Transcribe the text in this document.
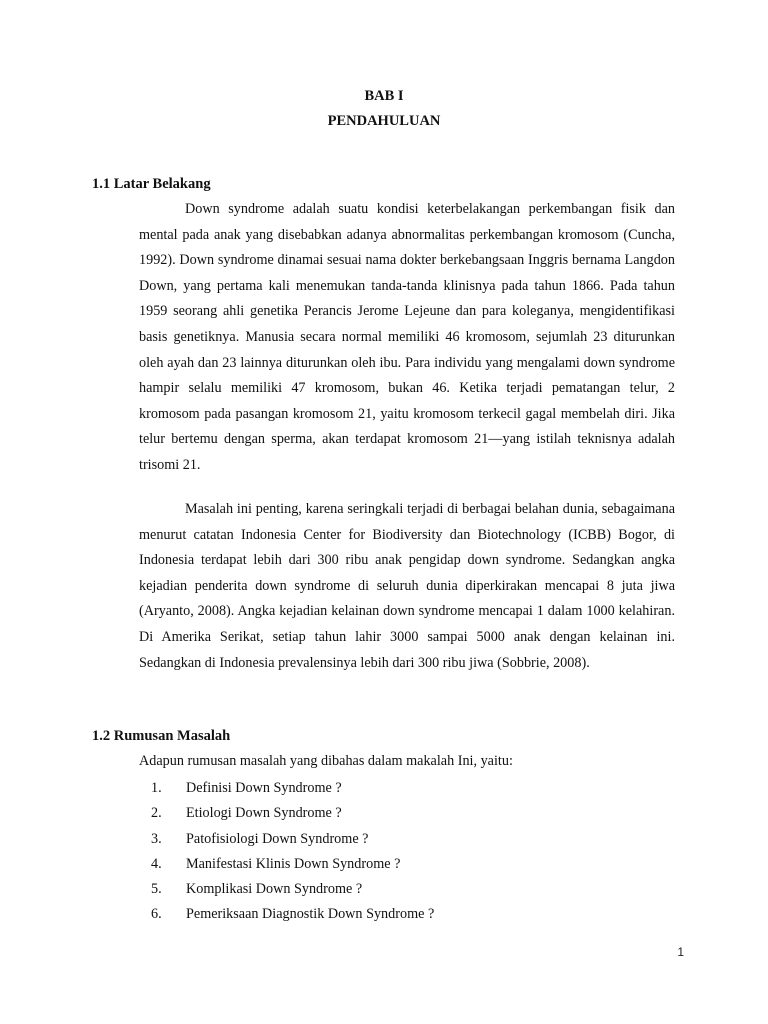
BAB I
PENDAHULUAN
1.1 Latar Belakang

Down syndrome adalah suatu kondisi keterbelakangan perkembangan fisik dan mental pada anak yang disebabkan adanya abnormalitas perkembangan kromosom (Cuncha, 1992). Down syndrome dinamai sesuai nama dokter berkebangsaan Inggris bernama Langdon Down, yang pertama kali menemukan tanda-tanda klinisnya pada tahun 1866. Pada tahun 1959 seorang ahli genetika Perancis Jerome Lejeune dan para koleganya, mengidentifikasi basis genetiknya. Manusia secara normal memiliki 46 kromosom, sejumlah 23 diturunkan oleh ayah dan 23 lainnya diturunkan oleh ibu. Para individu yang mengalami down syndrome hampir selalu memiliki 47 kromosom, bukan 46. Ketika terjadi pematangan telur, 2 kromosom pada pasangan kromosom 21, yaitu kromosom terkecil gagal membelah diri. Jika telur bertemu dengan sperma, akan terdapat kromosom 21—yang istilah teknisnya adalah trisomi 21.

Masalah ini penting, karena seringkali terjadi di berbagai belahan dunia, sebagaimana menurut catatan Indonesia Center for Biodiversity dan Biotechnology (ICBB) Bogor, di Indonesia terdapat lebih dari 300 ribu anak pengidap down syndrome. Sedangkan angka kejadian penderita down syndrome di seluruh dunia diperkirakan mencapai 8 juta jiwa (Aryanto, 2008). Angka kejadian kelainan down syndrome mencapai 1 dalam 1000 kelahiran. Di Amerika Serikat, setiap tahun lahir 3000 sampai 5000 anak dengan kelainan ini. Sedangkan di Indonesia prevalensinya lebih dari 300 ribu jiwa (Sobbrie, 2008).

1.2 Rumusan Masalah
Adapun rumusan masalah yang dibahas dalam makalah Ini, yaitu:
1. Definisi Down Syndrome ?
2. Etiologi Down Syndrome ?
3. Patofisiologi Down Syndrome ?
4. Manifestasi Klinis Down Syndrome ?
5. Komplikasi Down Syndrome ?
6. Pemeriksaan Diagnostik Down Syndrome ?
1
